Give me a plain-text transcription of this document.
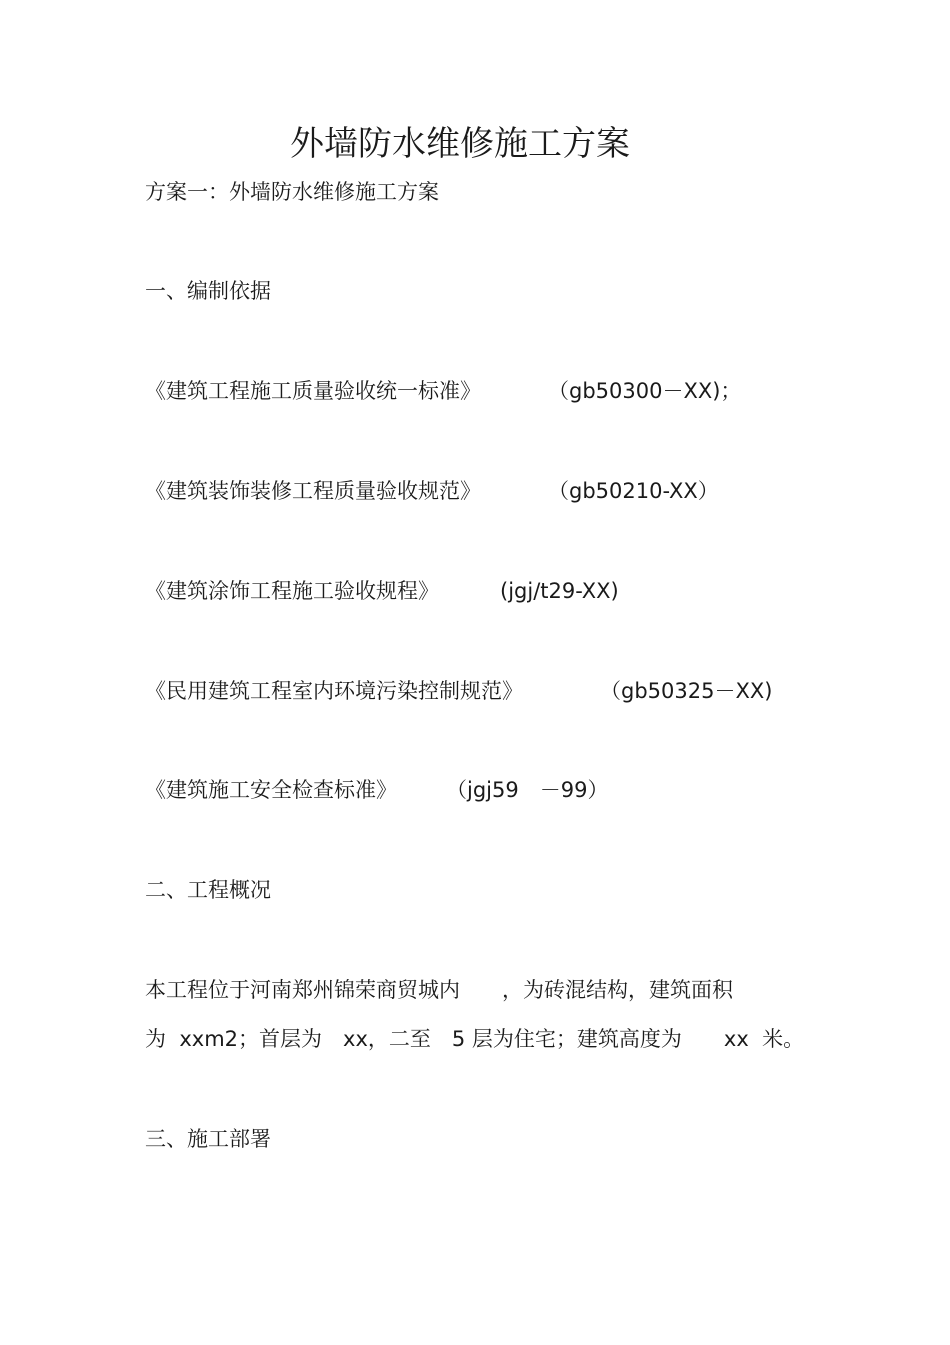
外墙防水维修施工方案
方案一：外墙防水维修施工方案
一、编制依据
《建筑工程施工质量验收统一标准》	（gb50300－XX)；
《建筑装饰装修工程质量验收规范》	（gb50210-XX）
《建筑涂饰工程施工验收规程》	(jgj/t29-XX)
《民用建筑工程室内环境污染控制规范》	（gb50325－XX)
《建筑施工安全检查标准》 （jgj59　－99）
二、工程概况
本工程位于河南郑州锦荣商贸城内　　，为砖混结构，建筑面积
为  xxm2；首层为　xx，二至　5 层为住宅；建筑高度为　　xx  米。
三、施工部署
